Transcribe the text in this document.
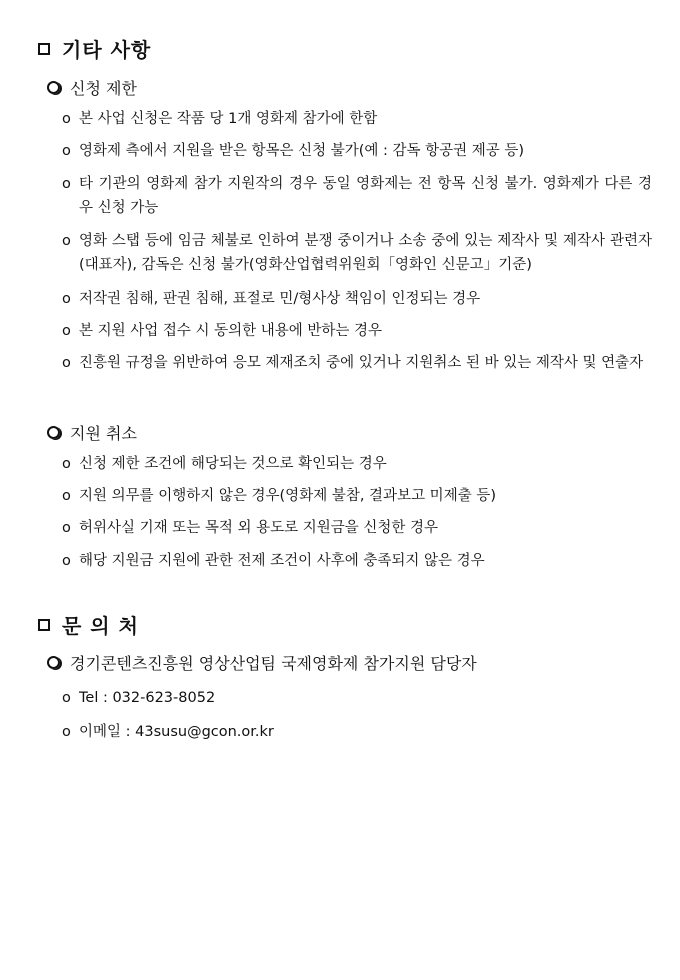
기타 사항
신청 제한
o 본 사업 신청은 작품 당 1개 영화제 참가에 한함
o 영화제 측에서 지원을 받은 항목은 신청 불가(예 : 감독 항공권 제공 등)
o 타 기관의 영화제 참가 지원작의 경우 동일 영화제는 전 항목 신청 불가. 영화제가 다른 경우 신청 가능
o 영화 스탭 등에 임금 체불로 인하여 분쟁 중이거나 소송 중에 있는 제작사 및 제작사 관련자(대표자), 감독은 신청 불가(영화산업협력위원회「영화인 신문고」기준)
o 저작권 침해, 판권 침해, 표절로 민/형사상 책임이 인정되는 경우
o 본 지원 사업 접수 시 동의한 내용에 반하는 경우
o 진흥원 규정을 위반하여 응모 제재조치 중에 있거나 지원취소 된 바 있는 제작사 및 연출자
지원 취소
o 신청 제한 조건에 해당되는 것으로 확인되는 경우
o 지원 의무를 이행하지 않은 경우(영화제 불참, 결과보고 미제출 등)
o 허위사실 기재 또는 목적 외 용도로 지원금을 신청한 경우
o 해당 지원금 지원에 관한 전제 조건이 사후에 충족되지 않은 경우
문 의 처
경기콘텐츠진흥원 영상산업팀 국제영화제 참가지원 담당자
o Tel : 032-623-8052
o 이메일 : 43susu@gcon.or.kr
